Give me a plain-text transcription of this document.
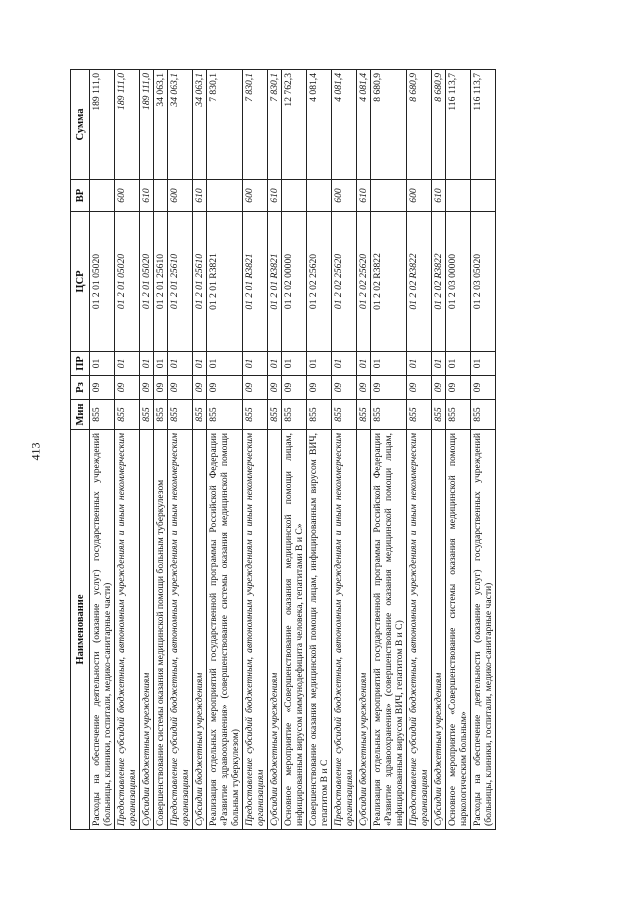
413
Наименование	Мин	Рз	ПР	ЦСР	ВР	Сумма
Расходы на обеспечение деятельности (оказание услуг) государственных учреждений (больницы, клиники, госпитали, медико-санитарные части)	855	09	01	01 2 01 05020		189 111,0
Предоставление субсидий бюджетным, автономным учреждениям и иным некоммерческим организациям	855	09	01	01 2 01 05020	600	189 111,0
Субсидии бюджетным учреждениям	855	09	01	01 2 01 05020	610	189 111,0
Совершенствование системы оказания медицинской помощи больным туберкулезом	855	09	01	01 2 01 25610		34 063,1
Предоставление субсидий бюджетным, автономным учреждениям и иным некоммерческим организациям	855	09	01	01 2 01 25610	600	34 063,1
Субсидии бюджетным учреждениям	855	09	01	01 2 01 25610	610	34 063,1
Реализация отдельных мероприятий государственной программы Российской Федерации «Развитие здравоохранения» (совершенствование системы оказания медицинской помощи больным туберкулезом)	855	09	01	01 2 01 R3821		7 830,1
Предоставление субсидий бюджетным, автономным учреждениям и иным некоммерческим организациям	855	09	01	01 2 01 R3821	600	7 830,1
Субсидии бюджетным учреждениям	855	09	01	01 2 01 R3821	610	7 830,1
Основное мероприятие «Совершенствование оказания медицинской помощи лицам, инфицированным вирусом иммунодефицита человека, гепатитами В и С»	855	09	01	01 2 02 00000		12 762,3
Совершенствование оказания медицинской помощи лицам, инфицированным вирусом ВИЧ, гепатитом В и С	855	09	01	01 2 02 25620		4 081,4
Предоставление субсидий бюджетным, автономным учреждениям и иным некоммерческим организациям	855	09	01	01 2 02 25620	600	4 081,4
Субсидии бюджетным учреждениям	855	09	01	01 2 02 25620	610	4 081,4
Реализация отдельных мероприятий государственной программы Российской Федерации «Развитие здравоохранения» (совершенствование оказания медицинской помощи лицам, инфицированным вирусом ВИЧ, гепатитом В и С)	855	09	01	01 2 02 R3822		8 680,9
Предоставление субсидий бюджетным, автономным учреждениям и иным некоммерческим организациям	855	09	01	01 2 02 R3822	600	8 680,9
Субсидии бюджетным учреждениям	855	09	01	01 2 02 R3822	610	8 680,9
Основное мероприятие «Совершенствование системы оказания медицинской помощи наркологическим больным»	855	09	01	01 2 03 00000		116 113,7
Расходы на обеспечение деятельности (оказание услуг) государственных учреждений (больницы, клиники, госпитали, медико-санитарные части)	855	09	01	01 2 03 05020		116 113,7
